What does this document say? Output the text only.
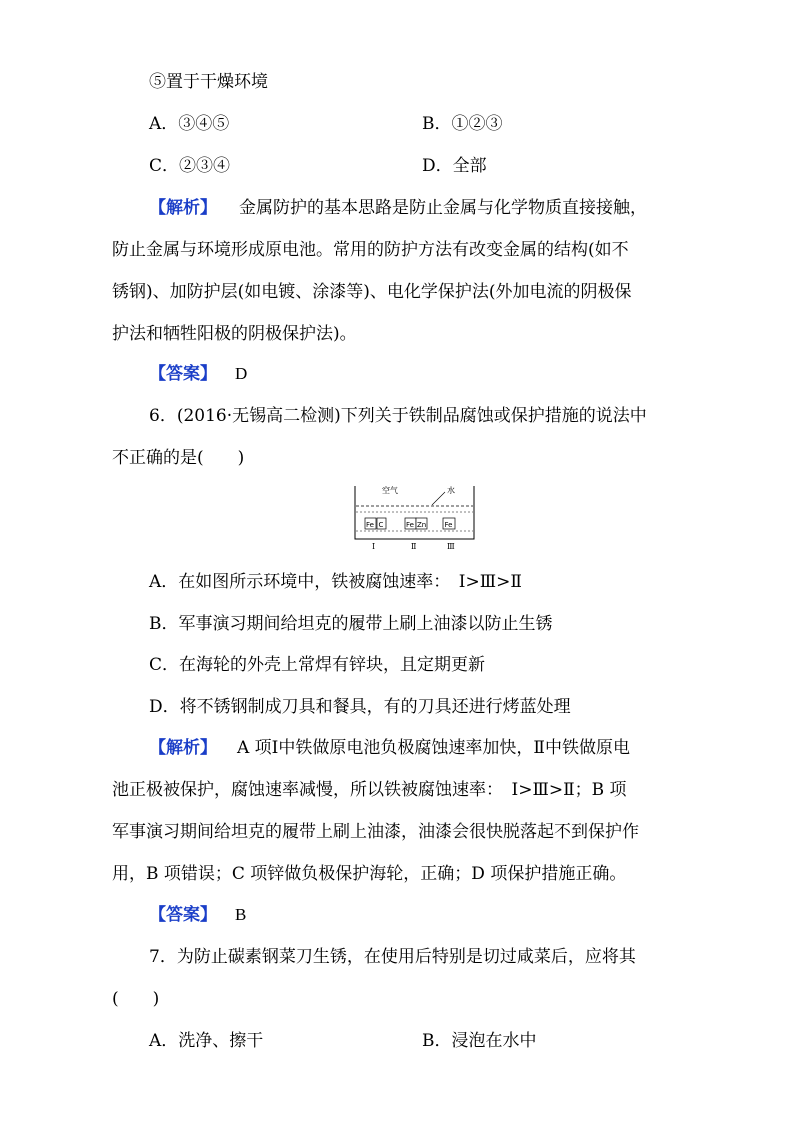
⑤置于干燥环境
A．③④⑤	B．①②③
C．②③④	D．全部
【解析】 金属防护的基本思路是防止金属与化学物质直接接触，
防止金属与环境形成原电池。常用的防护方法有改变金属的结构(如不
锈钢)、加防护层(如电镀、涂漆等)、电化学保护法(外加电流的阴极保
护法和牺牲阳极的阴极保护法)。
【答案】 D
6．(2016·无锡高二检测)下列关于铁制品腐蚀或保护措施的说法中
不正确的是(　　)
空气	水
Fe C	Fe Zn	Fe
Ⅰ	Ⅱ	Ⅲ
A．在如图所示环境中，铁被腐蚀速率：　Ⅰ>Ⅲ>Ⅱ
B．军事演习期间给坦克的履带上刷上油漆以防止生锈
C．在海轮的外壳上常焊有锌块，且定期更新
D．将不锈钢制成刀具和餐具，有的刀具还进行烤蓝处理
【解析】 A 项Ⅰ中铁做原电池负极腐蚀速率加快，Ⅱ中铁做原电
池正极被保护，腐蚀速率减慢，所以铁被腐蚀速率：　Ⅰ>Ⅲ>Ⅱ；B 项
军事演习期间给坦克的履带上刷上油漆，油漆会很快脱落起不到保护作
用，B 项错误；C 项锌做负极保护海轮，正确；D 项保护措施正确。
【答案】 B
7．为防止碳素钢菜刀生锈，在使用后特别是切过咸菜后，应将其
(　　)
A．洗净、擦干	B．浸泡在水中
